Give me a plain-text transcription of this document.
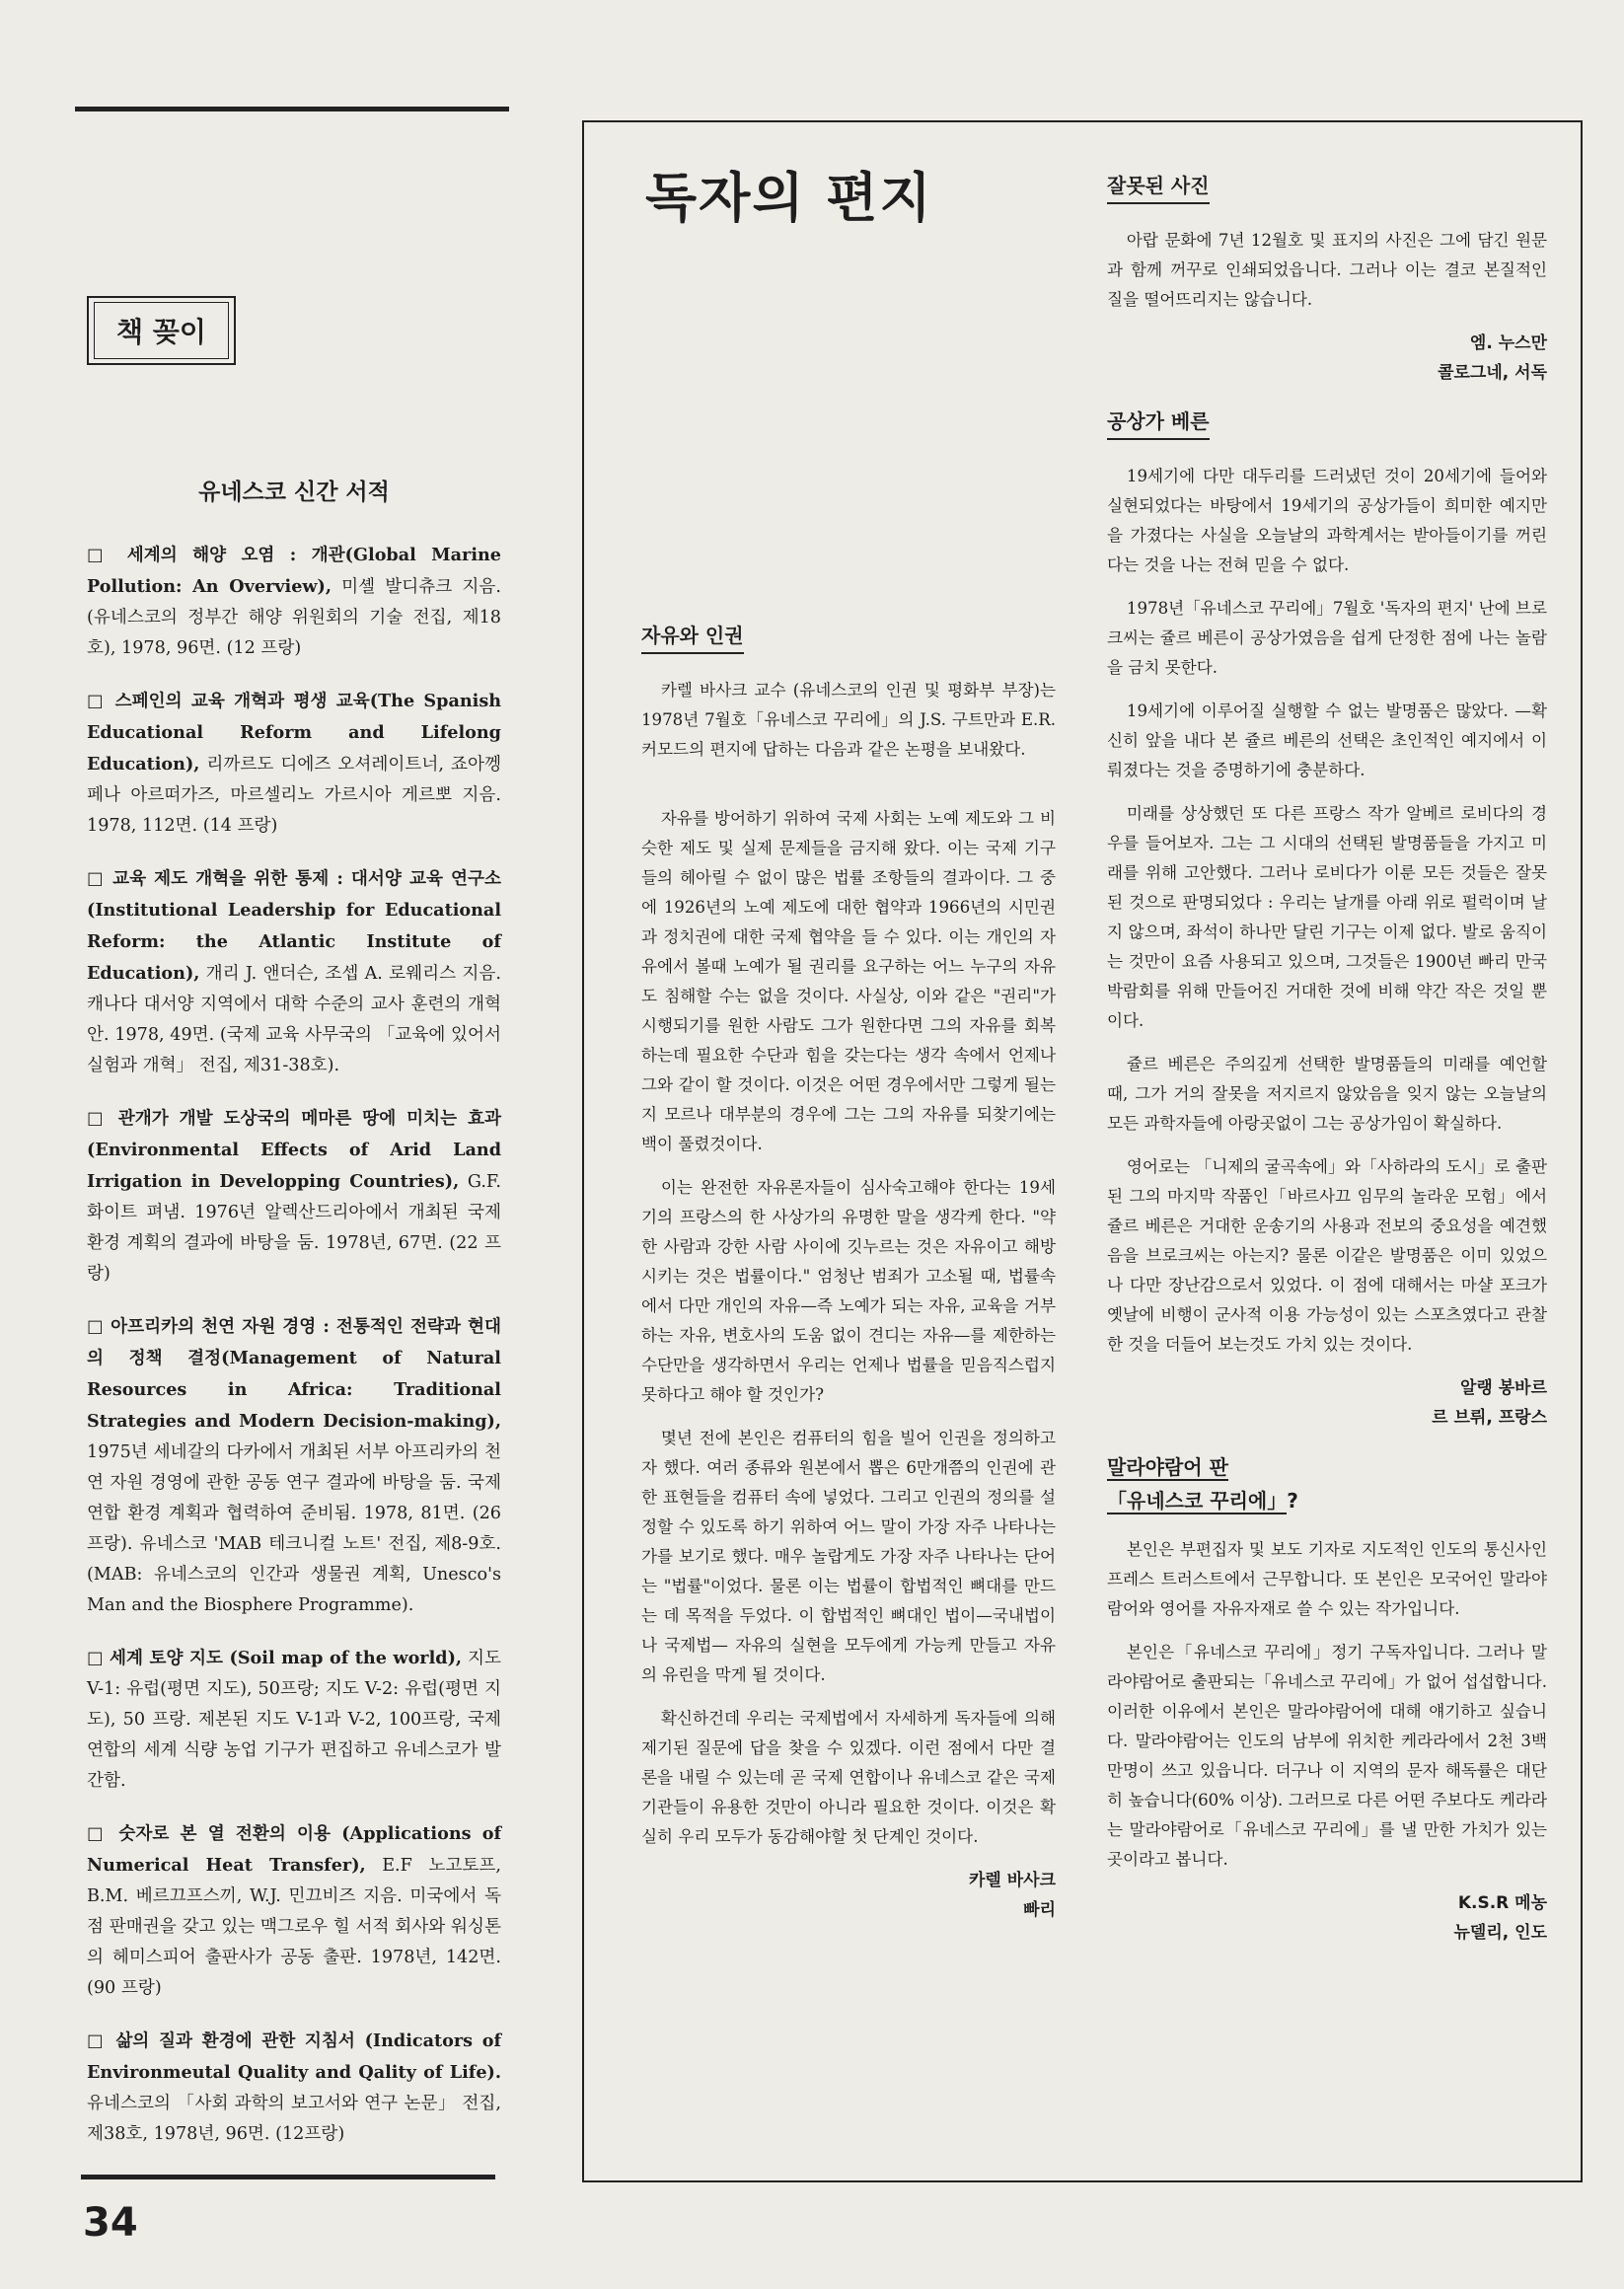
책 꽂이
유네스코 신간 서적
□ 세계의 해양 오염 : 개관(Global Marine Pollution: An Overview), 미셸 발디츄크 지음. (유네스코의 정부간 해양 위원회의 기술 전집, 제18호), 1978, 96면. (12 프랑)
□ 스페인의 교육 개혁과 평생 교육(The Spanish Educational Reform and Lifelong Education), 리까르도 디에즈 오셔레이트너, 죠아껭 페나 아르떠가즈, 마르셀리노 가르시아 게르뽀 지음. 1978, 112면. (14 프랑)
□ 교육 제도 개혁을 위한 통제 : 대서양 교육 연구소(Institutional Leadership for Educational Reform: the Atlantic Institute of Education), 개리 J. 앤더슨, 조셉 A. 로웨리스 지음. 캐나다 대서양 지역에서 대학 수준의 교사 훈련의 개혁안. 1978, 49면. (국제 교육 사무국의 「교육에 있어서 실험과 개혁」 전집, 제31-38호).
□ 관개가 개발 도상국의 메마른 땅에 미치는 효과(Environmental Effects of Arid Land Irrigation in Developping Countries), G.F. 화이트 펴냄. 1976년 알렉산드리아에서 개최된 국제 환경 계획의 결과에 바탕을 둠. 1978년, 67면. (22 프랑)
□ 아프리카의 천연 자원 경영 : 전통적인 전략과 현대의 정책 결정(Management of Natural Resources in Africa: Traditional Strategies and Modern Decision-making), 1975년 세네갈의 다카에서 개최된 서부 아프리카의 천연 자원 경영에 관한 공동 연구 결과에 바탕을 둠. 국제 연합 환경 계획과 협력하여 준비됨. 1978, 81면. (26 프랑). 유네스코 'MAB 테크니컬 노트' 전집, 제8-9호. (MAB: 유네스코의 인간과 생물권 계획, Unesco's Man and the Biosphere Programme).
□ 세계 토양 지도 (Soil map of the world), 지도V-1: 유럽(평면 지도), 50프랑; 지도 V-2: 유럽(평면 지도), 50 프랑. 제본된 지도 V-1과 V-2, 100프랑, 국제 연합의 세계 식량 농업 기구가 편집하고 유네스코가 발간함.
□ 숫자로 본 열 전환의 이용 (Applications of Numerical Heat Transfer), E.F 노고토프, B.M. 베르끄프스끼, W.J. 민끄비즈 지음. 미국에서 독점 판매권을 갖고 있는 맥그로우 힐 서적 회사와 워싱톤의 헤미스피어 출판사가 공동 출판. 1978년, 142면. (90 프랑)
□ 삶의 질과 환경에 관한 지침서 (Indicators of Environmeutal Quality and Qality of Life). 유네스코의 「사회 과학의 보고서와 연구 논문」 전집, 제38호, 1978년, 96면. (12프랑)
34
독자의 편지
자유와 인권

카렐 바사크 교수 (유네스코의 인권 및 평화부 부장)는 1978년 7월호「유네스코 꾸리에」의 J.S. 구트만과 E.R. 커모드의 편지에 답하는 다음과 같은 논평을 보내왔다.

자유를 방어하기 위하여 국제 사회는 노예 제도와 그 비슷한 제도 및 실제 문제들을 금지해 왔다. 이는 국제 기구들의 헤아릴 수 없이 많은 법률 조항들의 결과이다. 그 중에 1926년의 노예 제도에 대한 협약과 1966년의 시민권과 정치권에 대한 국제 협약을 들 수 있다. 이는 개인의 자유에서 볼때 노예가 될 권리를 요구하는 어느 누구의 자유도 침해할 수는 없을 것이다. 사실상, 이와 같은 "권리"가 시행되기를 원한 사람도 그가 원한다면 그의 자유를 회복하는데 필요한 수단과 힘을 갖는다는 생각 속에서 언제나 그와 같이 할 것이다. 이것은 어떤 경우에서만 그렇게 될는지 모르나 대부분의 경우에 그는 그의 자유를 되찾기에는 백이 풀렸것이다.

이는 완전한 자유론자들이 심사숙고해야 한다는 19세기의 프랑스의 한 사상가의 유명한 말을 생각케 한다. "약한 사람과 강한 사람 사이에 깃누르는 것은 자유이고 해방시키는 것은 법률이다." 엄청난 범죄가 고소될 때, 법률속에서 다만 개인의 자유—즉 노예가 되는 자유, 교육을 거부하는 자유, 변호사의 도움 없이 견디는 자유—를 제한하는 수단만을 생각하면서 우리는 언제나 법률을 믿음직스럽지 못하다고 해야 할 것인가?

몇년 전에 본인은 컴퓨터의 힘을 빌어 인권을 정의하고자 했다. 여러 종류와 원본에서 뽑은 6만개쯤의 인권에 관한 표현들을 컴퓨터 속에 넣었다. 그리고 인권의 정의를 설정할 수 있도록 하기 위하여 어느 말이 가장 자주 나타나는 가를 보기로 했다. 매우 놀랍게도 가장 자주 나타나는 단어는 "법률"이었다. 물론 이는 법률이 합법적인 뼈대를 만드는 데 목적을 두었다. 이 합법적인 뼈대인 법이—국내법이나 국제법— 자유의 실현을 모두에게 가능케 만들고 자유의 유린을 막게 될 것이다.

확신하건데 우리는 국제법에서 자세하게 독자들에 의해 제기된 질문에 답을 찾을 수 있겠다. 이런 점에서 다만 결론을 내릴 수 있는데 곧 국제 연합이나 유네스코 같은 국제 기관들이 유용한 것만이 아니라 필요한 것이다. 이것은 확실히 우리 모두가 동감해야할 첫 단계인 것이다.

카렐 바사크
빠리
잘못된 사진

아랍 문화에 7년 12월호 및 표지의 사진은 그에 담긴 원문과 함께 꺼꾸로 인쇄되었읍니다. 그러나 이는 결코 본질적인 질을 떨어뜨리지는 않습니다.

엠. 누스만
콜로그네, 서독
공상가 베른

19세기에 다만 대두리를 드러냈던 것이 20세기에 들어와 실현되었다는 바탕에서 19세기의 공상가들이 희미한 예지만을 가졌다는 사실을 오늘날의 과학계서는 받아들이기를 꺼린다는 것을 나는 전혀 믿을 수 없다.

1978년「유네스코 꾸리에」7월호 '독자의 편지' 난에 브로크씨는 쥴르 베른이 공상가였음을 쉽게 단정한 점에 나는 놀람을 금치 못한다.

19세기에 이루어질 실행할 수 없는 발명품은 많았다. —확신히 앞을 내다 본 쥴르 베른의 선택은 초인적인 예지에서 이뤄졌다는 것을 증명하기에 충분하다.

미래를 상상했던 또 다른 프랑스 작가 알베르 로비다의 경우를 들어보자. 그는 그 시대의 선택된 발명품들을 가지고 미래를 위해 고안했다. 그러나 로비다가 이룬 모든 것들은 잘못된 것으로 판명되었다 : 우리는 날개를 아래 위로 펄럭이며 날지 않으며, 좌석이 하나만 달린 기구는 이제 없다. 발로 움직이는 것만이 요즘 사용되고 있으며, 그것들은 1900년 빠리 만국 박람회를 위해 만들어진 거대한 것에 비해 약간 작은 것일 뿐이다.

쥴르 베른은 주의깊게 선택한 발명품들의 미래를 예언할 때, 그가 거의 잘못을 저지르지 않았음을 잊지 않는 오늘날의 모든 과학자들에 아랑곳없이 그는 공상가임이 확실하다.

영어로는 「니제의 굴곡속에」와「사하라의 도시」로 출판된 그의 마지막 작품인「바르사끄 임무의 놀라운 모험」에서 쥴르 베른은 거대한 운송기의 사용과 전보의 중요성을 예견했음을 브로크씨는 아는지? 물론 이같은 발명품은 이미 있었으나 다만 장난감으로서 있었다. 이 점에 대해서는 마샬 포크가 옛날에 비행이 군사적 이용 가능성이 있는 스포츠였다고 관찰한 것을 더들어 보는것도 가치 있는 것이다.

알랭 봉바르
르 브뤼, 프랑스
말라야람어 판
「유네스코 꾸리에」?

본인은 부편집자 및 보도 기자로 지도적인 인도의 통신사인 프레스 트러스트에서 근무합니다. 또 본인은 모국어인 말라야람어와 영어를 자유자재로 쓸 수 있는 작가입니다.

본인은「유네스코 꾸리에」정기 구독자입니다. 그러나 말라야람어로 출판되는「유네스코 꾸리에」가 없어 섭섭합니다. 이러한 이유에서 본인은 말라야람어에 대해 얘기하고 싶습니다. 말라야람어는 인도의 남부에 위치한 케라라에서 2천 3백만명이 쓰고 있읍니다. 더구나 이 지역의 문자 해독률은 대단히 높습니다(60% 이상). 그러므로 다른 어떤 주보다도 케라라는 말라야람어로「유네스코 꾸리에」를 낼 만한 가치가 있는 곳이라고 봅니다.

K.S.R 메농
뉴델리, 인도
